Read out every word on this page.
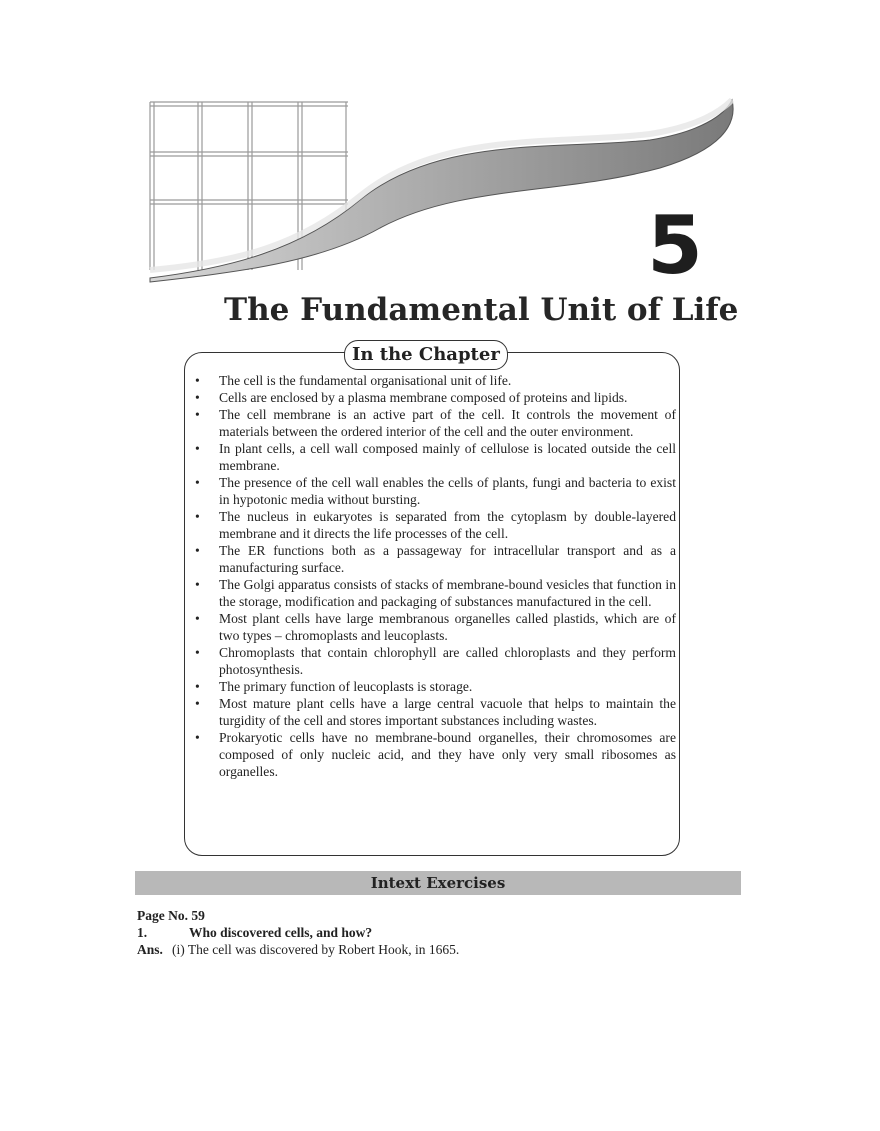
5
The Fundamental Unit of Life
In the Chapter
• The cell is the fundamental organisational unit of life.
• Cells are enclosed by a plasma membrane composed of proteins and lipids.
• The cell membrane is an active part of the cell. It controls the movement of materials between the ordered interior of the cell and the outer environment.
• In plant cells, a cell wall composed mainly of cellulose is located outside the cell membrane.
• The presence of the cell wall enables the cells of plants, fungi and bacteria to exist in hypotonic media without bursting.
• The nucleus in eukaryotes is separated from the cytoplasm by double-layered membrane and it directs the life processes of the cell.
• The ER functions both as a passageway for intracellular transport and as a manufacturing surface.
• The Golgi apparatus consists of stacks of membrane-bound vesicles that function in the storage, modification and packaging of substances manufactured in the cell.
• Most plant cells have large membranous organelles called plastids, which are of two types – chromoplasts and leucoplasts.
• Chromoplasts that contain chlorophyll are called chloroplasts and they perform photosynthesis.
• The primary function of leucoplasts is storage.
• Most mature plant cells have a large central vacuole that helps to maintain the turgidity of the cell and stores important substances including wastes.
• Prokaryotic cells have no membrane-bound organelles, their chromosomes are composed of only nucleic acid, and they have only very small ribosomes as organelles.
Intext Exercises
Page No. 59
1.	Who discovered cells, and how?
Ans. (i) The cell was discovered by Robert Hook, in 1665.
